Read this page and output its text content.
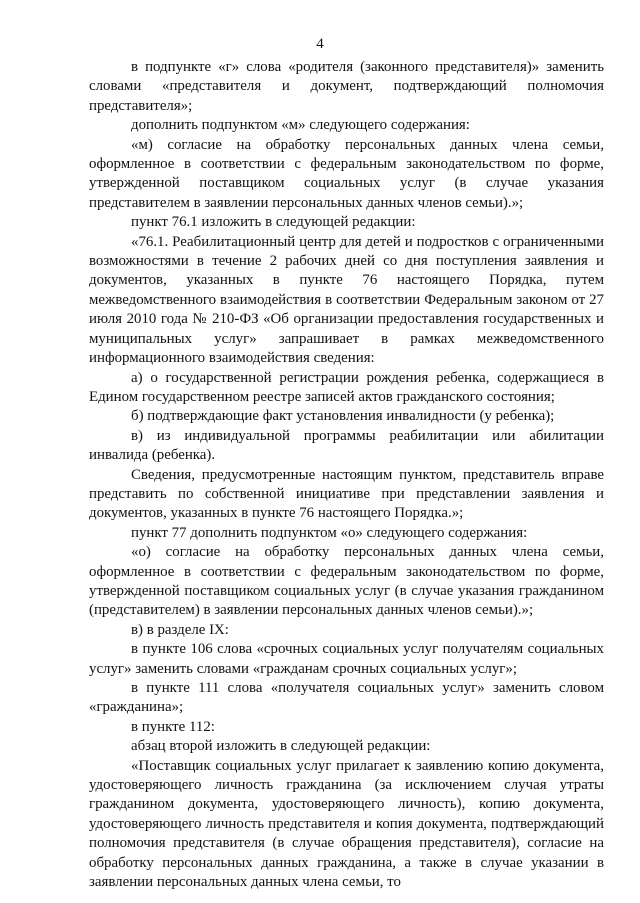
4

в подпункте «г» слова «родителя (законного представителя)» заменить словами «представителя и документ, подтверждающий полномочия представителя»;

дополнить подпунктом «м» следующего содержания:

«м) согласие на обработку персональных данных члена семьи, оформленное в соответствии с федеральным законодательством по форме, утвержденной поставщиком социальных услуг (в случае указания представителем в заявлении персональных данных членов семьи).»;

пункт 76.1 изложить в следующей редакции:

«76.1. Реабилитационный центр для детей и подростков с ограниченными возможностями в течение 2 рабочих дней со дня поступления заявления и документов, указанных в пункте 76 настоящего Порядка, путем межведомственного взаимодействия в соответствии Федеральным законом от 27 июля 2010 года № 210-ФЗ «Об организации предоставления государственных и муниципальных услуг» запрашивает в рамках межведомственного информационного взаимодействия сведения:

а) о государственной регистрации рождения ребенка, содержащиеся в Едином государственном реестре записей актов гражданского состояния;

б) подтверждающие факт установления инвалидности (у ребенка);

в) из индивидуальной программы реабилитации или абилитации инвалида (ребенка).

Сведения, предусмотренные настоящим пунктом, представитель вправе представить по собственной инициативе при представлении заявления и документов, указанных в пункте 76 настоящего Порядка.»;

пункт 77 дополнить подпунктом «о» следующего содержания:

«о) согласие на обработку персональных данных члена семьи, оформленное в соответствии с федеральным законодательством по форме, утвержденной поставщиком социальных услуг (в случае указания гражданином (представителем) в заявлении персональных данных членов семьи).»;

в) в разделе IX:

в пункте 106 слова «срочных социальных услуг получателям социальных услуг» заменить словами «гражданам срочных социальных услуг»;

в пункте 111 слова «получателя социальных услуг» заменить словом «гражданина»;

в пункте 112:

абзац второй изложить в следующей редакции:

«Поставщик социальных услуг прилагает к заявлению копию документа, удостоверяющего личность гражданина (за исключением случая утраты гражданином документа, удостоверяющего личность), копию документа, удостоверяющего личность представителя и копия документа, подтверждающий полномочия представителя (в случае обращения представителя), согласие на обработку персональных данных гражданина, а также в случае указании в заявлении персональных данных члена семьи, то
